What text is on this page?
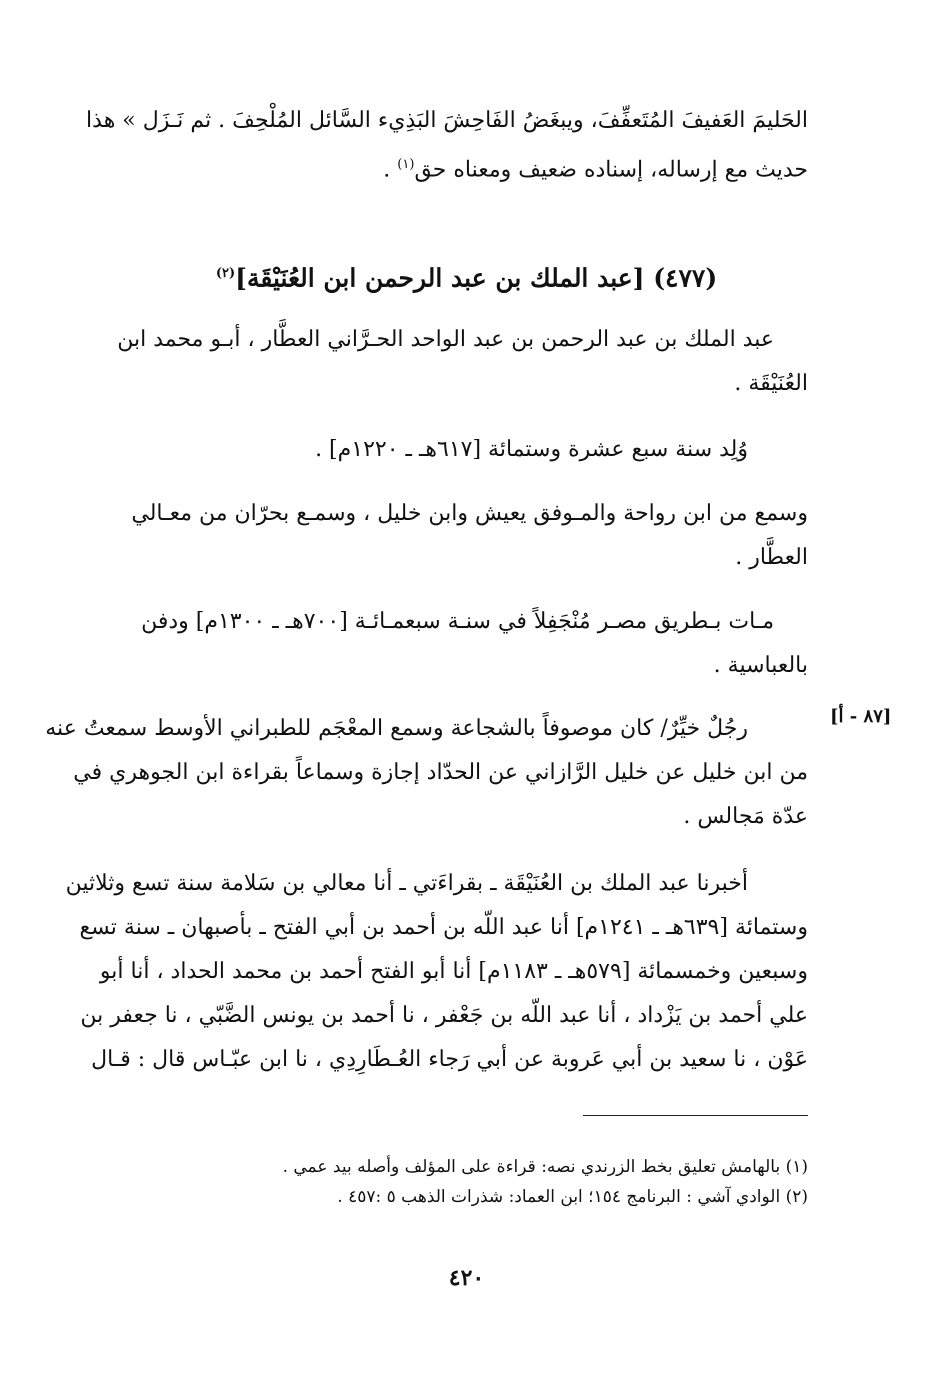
الحَليمَ العَفيفَ المُتَعفِّفَ، ويبغَضُ الفَاحِشَ البَذِيء السَّائل المُلْحِفَ . ثم نَـزَل » هذا
حديث مع إرساله، إسناده ضعيف ومعناه حق$^{(١)}$ .
(٤٧٧) [عبد الملك بن عبد الرحمن ابن العُنَيْقَة]$^{(٢)}$
عبد الملك بن عبد الرحمن بن عبد الواحد الحـرَّاني العطَّار ، أبـو محمد ابن
العُنَيْقَة .
وُلِد سنة سبع عشرة وستمائة [٦١٧هـ ـ ١٢٢٠م] .
وسمع من ابن رواحة والمـوفق يعيش وابن خليل ، وسمـع بحرّان من معـالي
العطَّار .
مـات بـطريق مصـر مُنْجَفِلاً في سنـة سبعمـائـة [٧٠٠هـ ـ ١٣٠٠م] ودفن
بالعباسية .
[٨٧ - أ]
رجُلٌ خيِّرٌ/ كان موصوفاً بالشجاعة وسمع المعْجَم للطبراني الأوسط سمعتُ عنه
من ابن خليل عن خليل الرَّازاني عن الحدّاد إجازة وسماعاً بقراءة ابن الجوهري في
عدّة مَجالس .
أخبرنا عبد الملك بن العُنَيْقَة ـ بقراءَتي ـ أنا معالي بن سَلامة سنة تسع وثلاثين
وستمائة [٦٣٩هـ ـ ١٢٤١م] أنا عبد اللّه بن أحمد بن أبي الفتح ـ بأصبهان ـ سنة تسع
وسبعين وخمسمائة [٥٧٩هـ ـ ١١٨٣م] أنا أبو الفتح أحمد بن محمد الحداد ، أنا أبو
علي أحمد بن يَزْداد ، أنا عبد اللّه بن جَعْفر ، نا أحمد بن يونس الضَّبّي ، نا جعفر بن
عَوْن ، نا سعيد بن أبي عَروبة عن أبي رَجاء العُـطَارِدِي ، نا ابن عبّـاس قال : قـال
(١) بالهامش تعليق بخط الزرندي نصه: قراءة على المؤلف وأصله بيد عمي .
(٢) الوادي آشي : البرنامج ١٥٤؛ ابن العماد: شذرات الذهب ٥ :٤٥٧ .
٤٢٠
